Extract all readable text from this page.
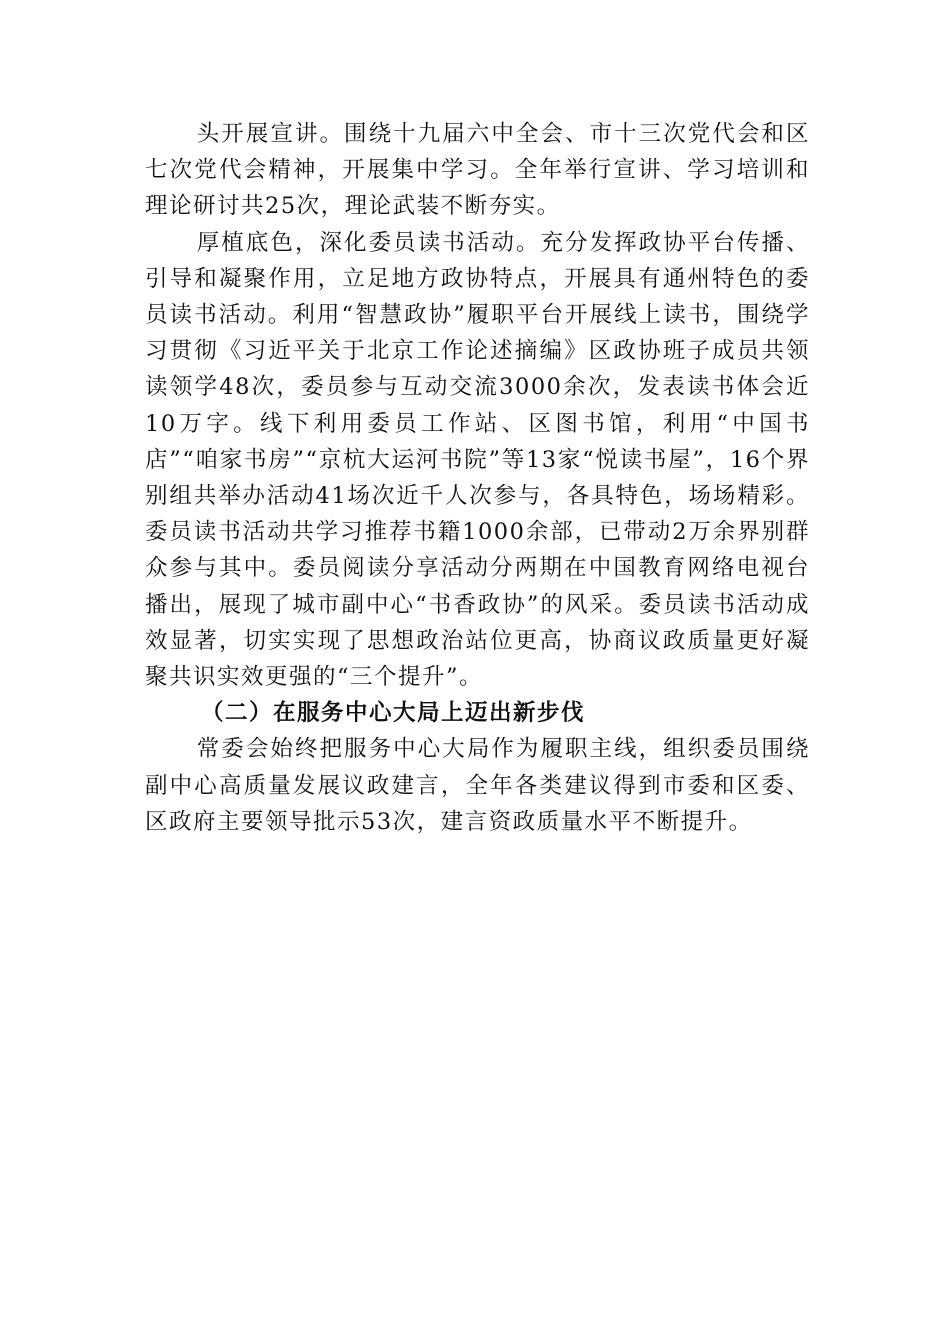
头开展宣讲。围绕十九届六中全会、市十三次党代会和区七次党代会精神，开展集中学习。全年举行宣讲、学习培训和理论研讨共25次，理论武装不断夯实。

厚植底色，深化委员读书活动。充分发挥政协平台传播、引导和凝聚作用，立足地方政协特点，开展具有通州特色的委员读书活动。利用“智慧政协”履职平台开展线上读书，围绕学习贯彻《习近平关于北京工作论述摘编》区政协班子成员共领读领学48次，委员参与互动交流3000余次，发表读书体会近10万字。线下利用委员工作站、区图书馆，利用“中国书店”“咱家书房”“京杭大运河书院”等13家“悦读书屋”，16个界别组共举办活动41场次近千人次参与，各具特色，场场精彩。委员读书活动共学习推荐书籍1000余部，已带动2万余界别群众参与其中。委员阅读分享活动分两期在中国教育网络电视台播出，展现了城市副中心“书香政协”的风采。委员读书活动成效显著，切实实现了思想政治站位更高，协商议政质量更好凝聚共识实效更强的“三个提升”。

（二）在服务中心大局上迈出新步伐

常委会始终把服务中心大局作为履职主线，组织委员围绕副中心高质量发展议政建言，全年各类建议得到市委和区委、区政府主要领导批示53次，建言资政质量水平不断提升。
